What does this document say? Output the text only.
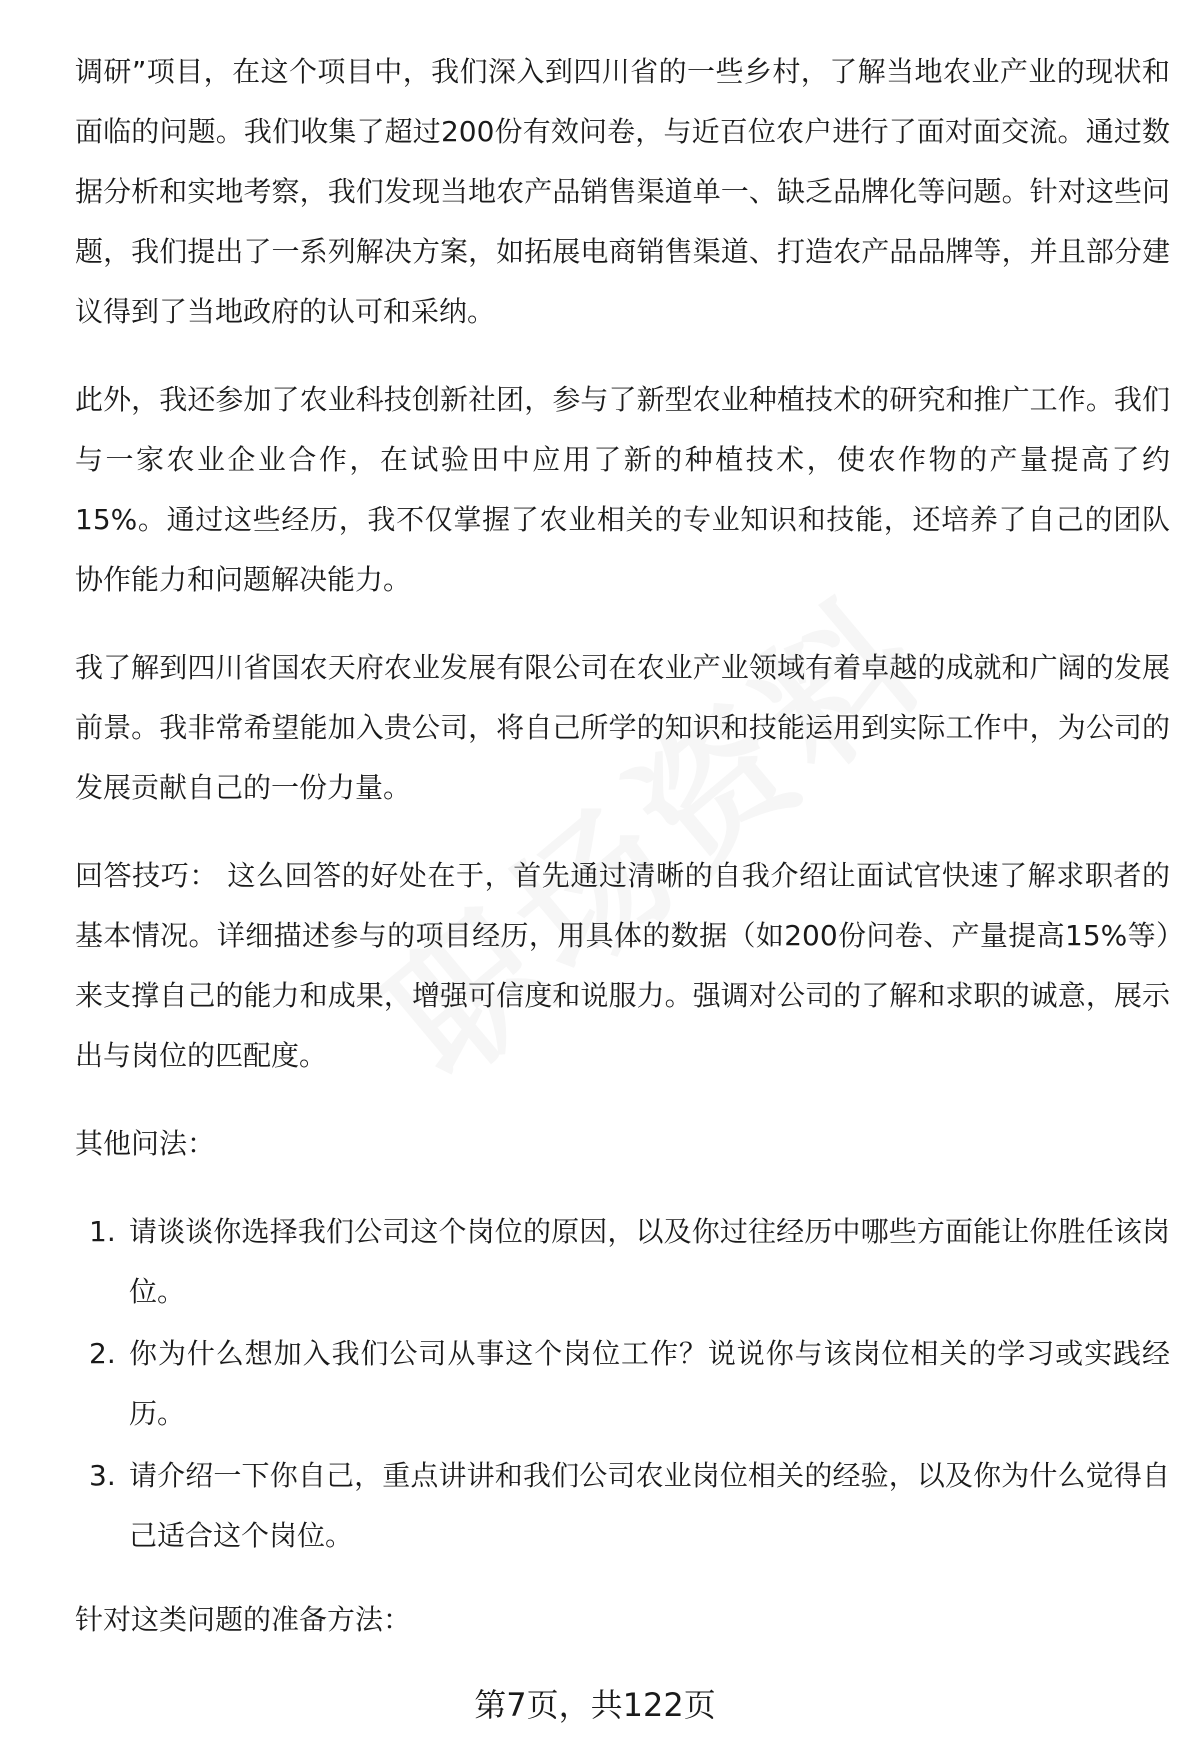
调研”项目，在这个项目中，我们深入到四川省的一些乡村，了解当地农业产业的现状和面临的问题。我们收集了超过200份有效问卷，与近百位农户进行了面对面交流。通过数据分析和实地考察，我们发现当地农产品销售渠道单一、缺乏品牌化等问题。针对这些问题，我们提出了一系列解决方案，如拓展电商销售渠道、打造农产品品牌等，并且部分建议得到了当地政府的认可和采纳。

此外，我还参加了农业科技创新社团，参与了新型农业种植技术的研究和推广工作。我们与一家农业企业合作，在试验田中应用了新的种植技术，使农作物的产量提高了约15%。通过这些经历，我不仅掌握了农业相关的专业知识和技能，还培养了自己的团队协作能力和问题解决能力。

我了解到四川省国农天府农业发展有限公司在农业产业领域有着卓越的成就和广阔的发展前景。我非常希望能加入贵公司，将自己所学的知识和技能运用到实际工作中，为公司的发展贡献自己的一份力量。

回答技巧： 这么回答的好处在于，首先通过清晰的自我介绍让面试官快速了解求职者的基本情况。详细描述参与的项目经历，用具体的数据（如200份问卷、产量提高15%等）来支撑自己的能力和成果，增强可信度和说服力。强调对公司的了解和求职的诚意，展示出与岗位的匹配度。

其他问法：

1. 请谈谈你选择我们公司这个岗位的原因，以及你过往经历中哪些方面能让你胜任该岗位。
2. 你为什么想加入我们公司从事这个岗位工作？说说你与该岗位相关的学习或实践经历。
3. 请介绍一下你自己，重点讲讲和我们公司农业岗位相关的经验，以及你为什么觉得自己适合这个岗位。

针对这类问题的准备方法：

第7页，共122页
